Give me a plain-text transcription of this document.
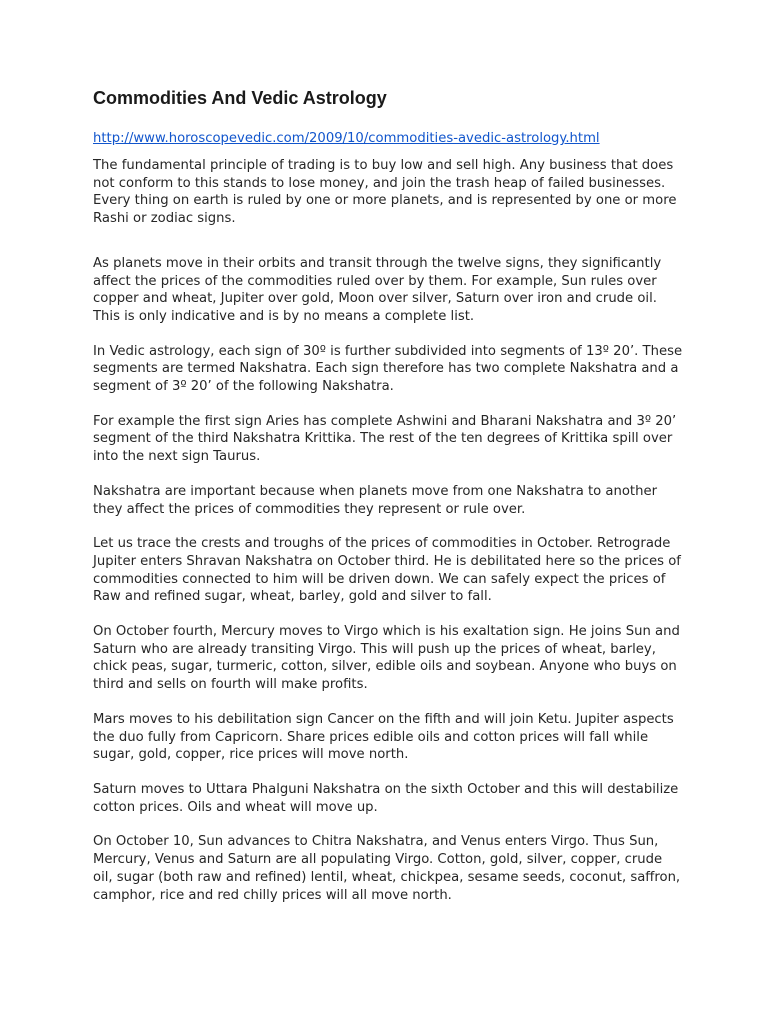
Commodities And Vedic Astrology
http://www.horoscopevedic.com/2009/10/commodities-avedic-astrology.html

The fundamental principle of trading is to buy low and sell high. Any business that does not conform to this stands to lose money, and join the trash heap of failed businesses. Every thing on earth is ruled by one or more planets, and is represented by one or more Rashi or zodiac signs.

As planets move in their orbits and transit through the twelve signs, they significantly affect the prices of the commodities ruled over by them. For example, Sun rules over copper and wheat, Jupiter over gold, Moon over silver, Saturn over iron and crude oil. This is only indicative and is by no means a complete list.

In Vedic astrology, each sign of 30º is further subdivided into segments of 13º 20’. These segments are termed Nakshatra. Each sign therefore has two complete Nakshatra and a segment of 3º 20’ of the following Nakshatra.

For example the first sign Aries has complete Ashwini and Bharani Nakshatra and 3º 20’ segment of the third Nakshatra Krittika. The rest of the ten degrees of Krittika spill over into the next sign Taurus.

Nakshatra are important because when planets move from one Nakshatra to another they affect the prices of commodities they represent or rule over.

Let us trace the crests and troughs of the prices of commodities in October. Retrograde Jupiter enters Shravan Nakshatra on October third. He is debilitated here so the prices of commodities connected to him will be driven down. We can safely expect the prices of Raw and refined sugar, wheat, barley, gold and silver to fall.

On October fourth, Mercury moves to Virgo which is his exaltation sign. He joins Sun and Saturn who are already transiting Virgo. This will push up the prices of wheat, barley, chick peas, sugar, turmeric, cotton, silver, edible oils and soybean. Anyone who buys on third and sells on fourth will make profits.

Mars moves to his debilitation sign Cancer on the fifth and will join Ketu. Jupiter aspects the duo fully from Capricorn. Share prices edible oils and cotton prices will fall while sugar, gold, copper, rice prices will move north.

Saturn moves to Uttara Phalguni Nakshatra on the sixth October and this will destabilize cotton prices. Oils and wheat will move up.

On October 10, Sun advances to Chitra Nakshatra, and Venus enters Virgo. Thus Sun, Mercury, Venus and Saturn are all populating Virgo. Cotton, gold, silver, copper, crude oil, sugar (both raw and refined) lentil, wheat, chickpea, sesame seeds, coconut, saffron, camphor, rice and red chilly prices will all move north.
